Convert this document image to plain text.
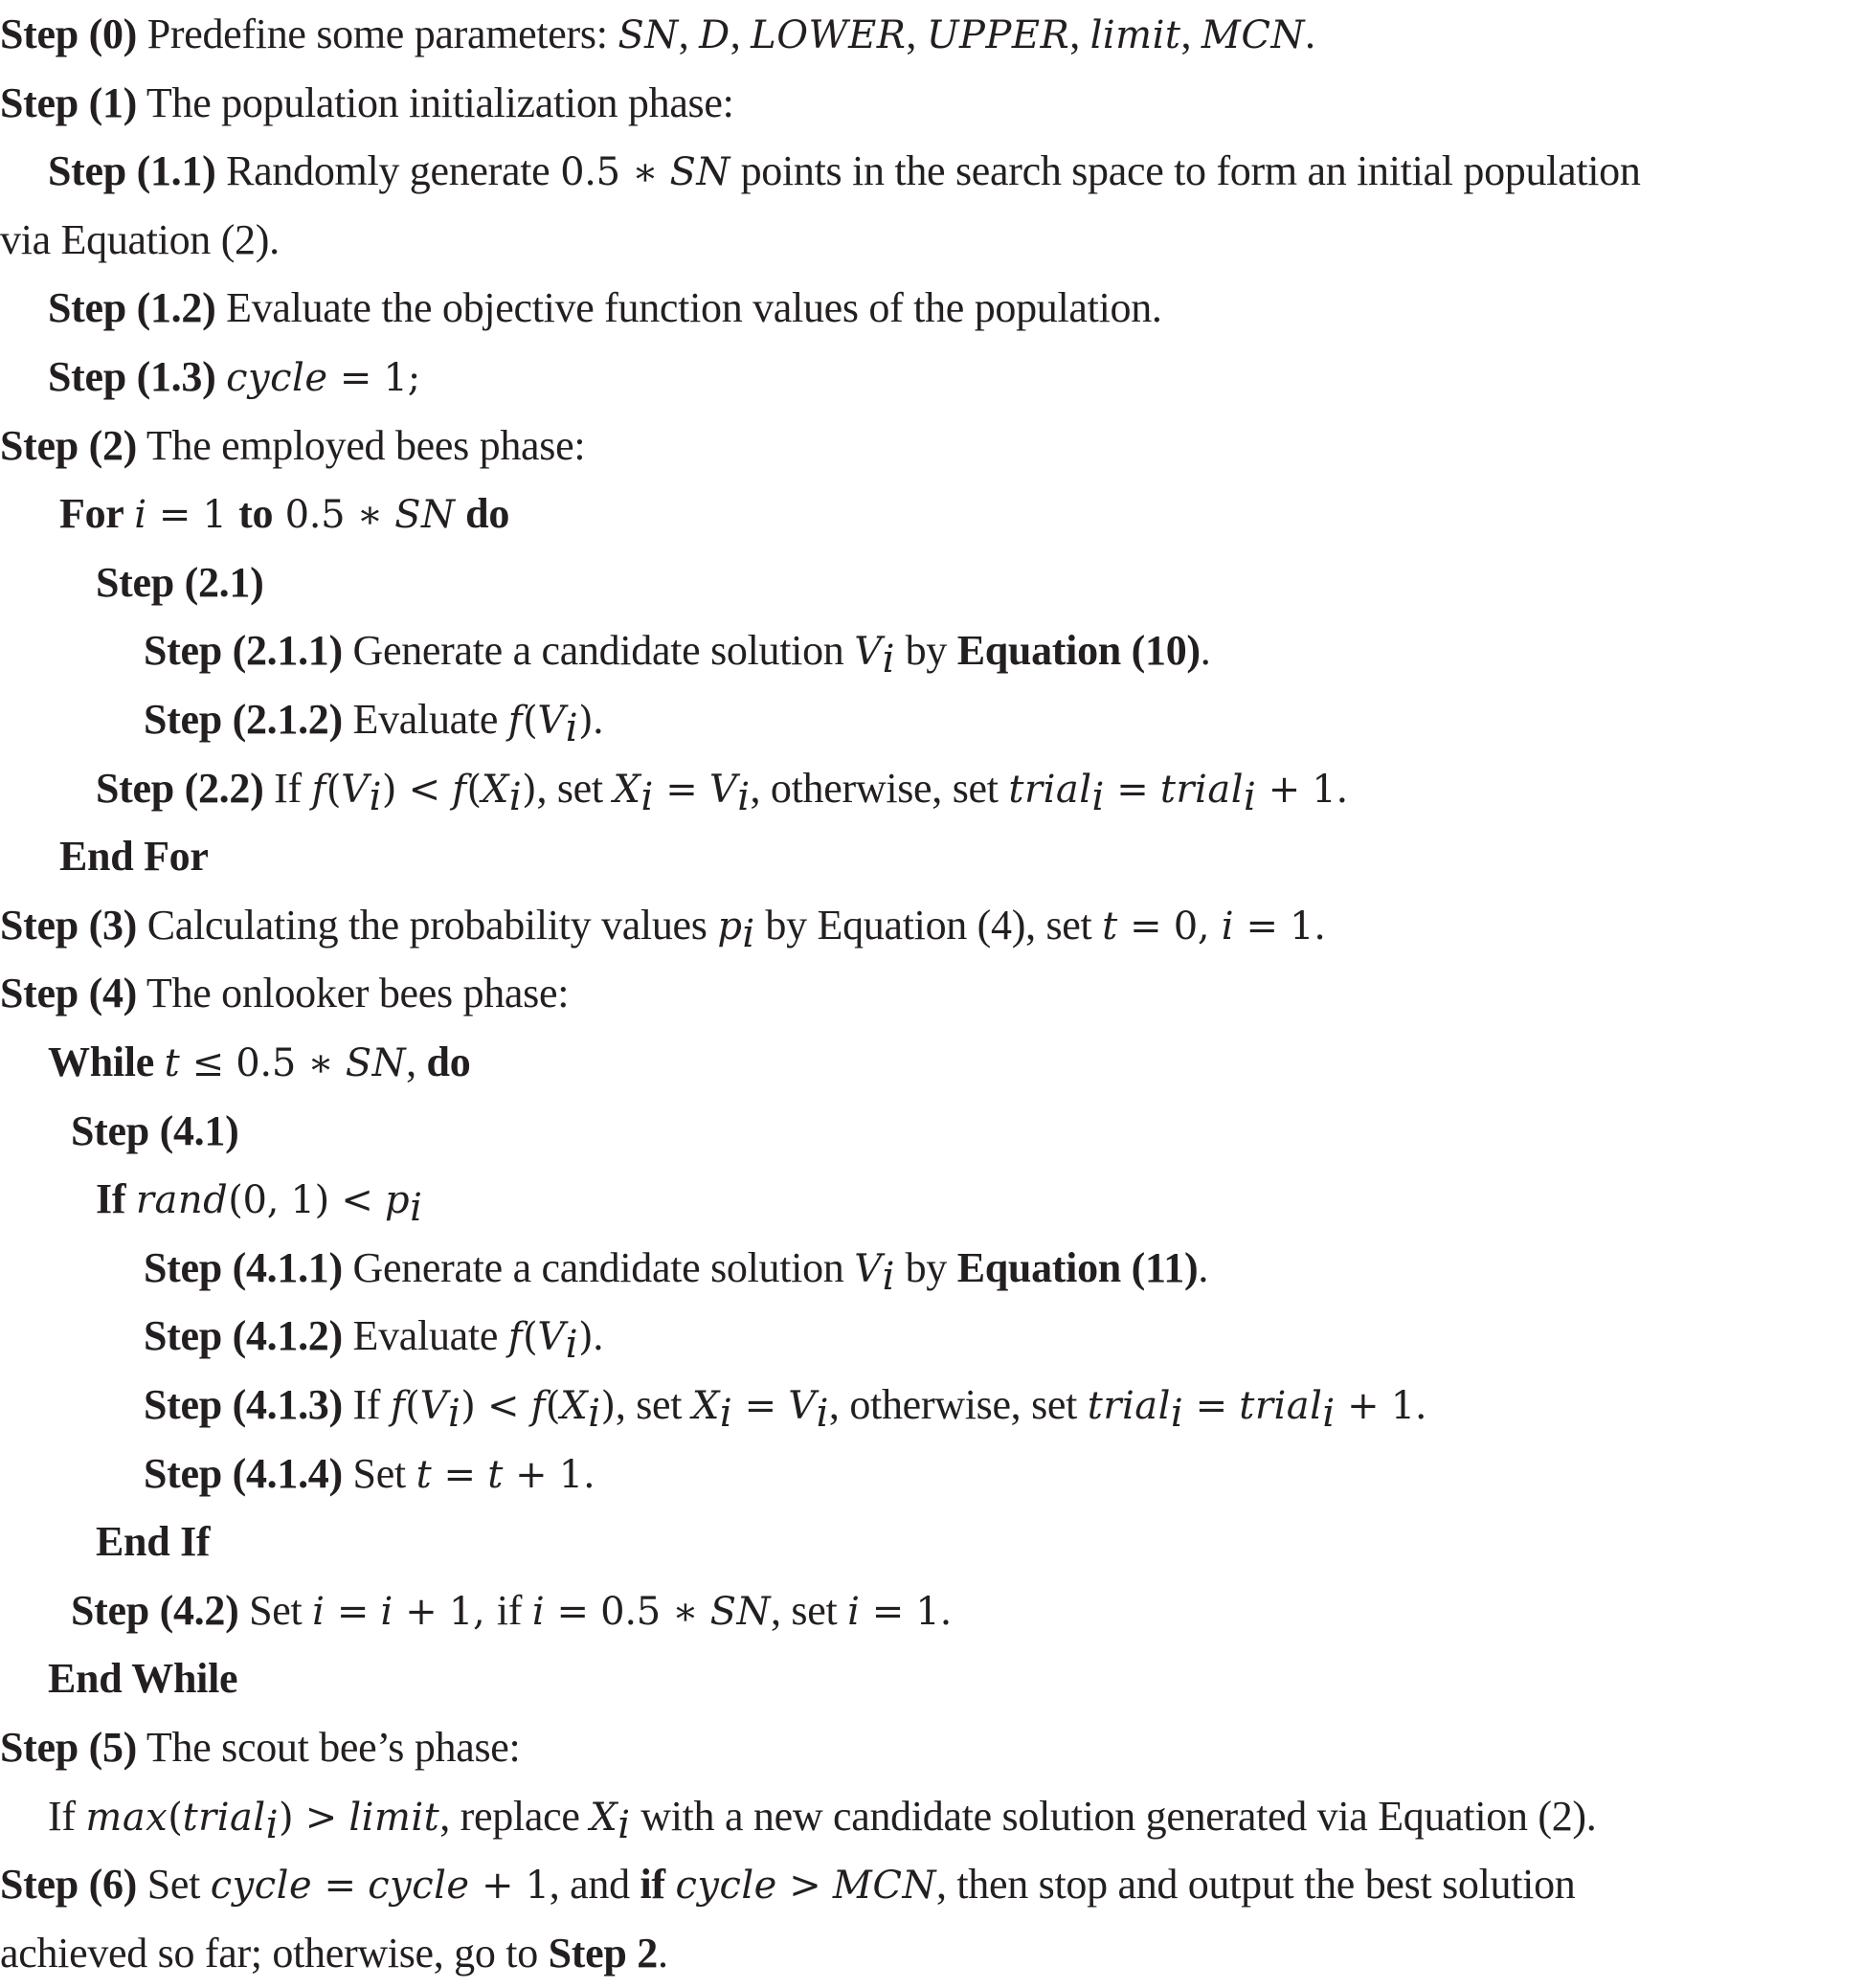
Step (0) Predefine some parameters: SN, D, LOWER, UPPER, limit, MCN.
Step (1) The population initialization phase:
Step (1.1) Randomly generate 0.5 ∗ SN points in the search space to form an initial population
via Equation (2).
Step (1.2) Evaluate the objective function values of the population.
Step (1.3) cycle = 1;
Step (2) The employed bees phase:
For i = 1 to 0.5 ∗ SN do
Step (2.1)
Step (2.1.1) Generate a candidate solution $V_i$ by Equation (10).
Step (2.1.2) Evaluate $f(V_i)$.
Step (2.2) If $f(V_i) < f(X_i)$, set $X_i = V_i$, otherwise, set trial$_i$ = trial$_i$ + 1.
End For
Step (3) Calculating the probability values $p_i$ by Equation (4), set t = 0, i = 1.
Step (4) The onlooker bees phase:
While t ≤ 0.5 ∗ SN, do
Step (4.1)
If rand(0, $1) < p_i$
Step (4.1.1) Generate a candidate solution $V_i$ by Equation (11).
Step (4.1.2) Evaluate $f(V_i)$.
Step (4.1.3) If $f(V_i) < f(X_i)$, set $X_i = V_i$, otherwise, set trial$_i$ = trial$_i$ + 1.
Step (4.1.4) Set t = t + 1.
End If
Step (4.2) Set i = i + 1, if i = 0.5 ∗ SN, set i = 1.
End While
Step (5) The scout bee’s phase:
If max(trial$_i$) > limit, replace $X_i$ with a new candidate solution generated via Equation (2).
Step (6) Set cycle = cycle + 1, and if cycle > MCN, then stop and output the best solution
achieved so far; otherwise, go to Step 2.
